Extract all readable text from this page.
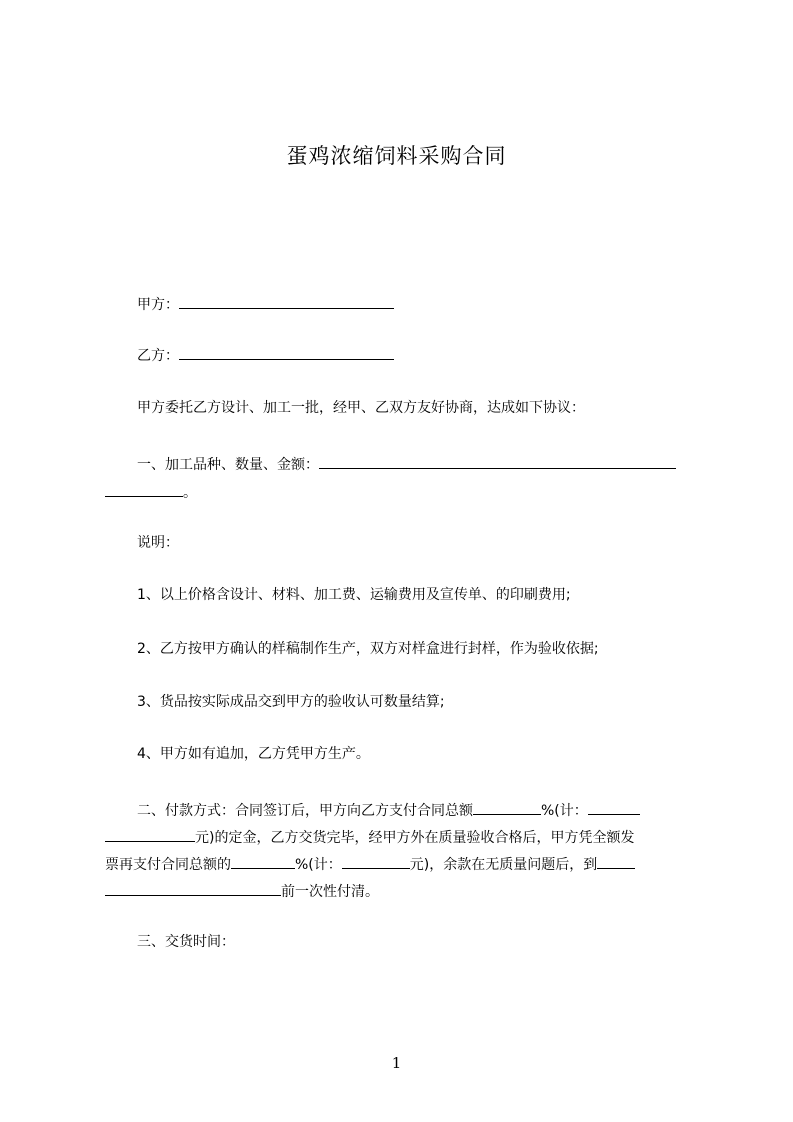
蛋鸡浓缩饲料采购合同
甲方：
乙方：
甲方委托乙方设计、加工一批，经甲、乙双方友好协商，达成如下协议：
一、加工品种、数量、金额：
。
说明：
1、以上价格含设计、材料、加工费、运输费用及宣传单、的印刷费用;
2、乙方按甲方确认的样稿制作生产，双方对样盒进行封样，作为验收依据;
3、货品按实际成品交到甲方的验收认可数量结算;
4、甲方如有追加，乙方凭甲方生产。
二、付款方式：合同签订后，甲方向乙方支付合同总额	%(计：
元)的定金，乙方交货完毕，经甲方外在质量验收合格后，甲方凭全额发
票再支付合同总额的	%(计：	元)，余款在无质量问题后，到
前一次性付清。
三、交货时间：
1
